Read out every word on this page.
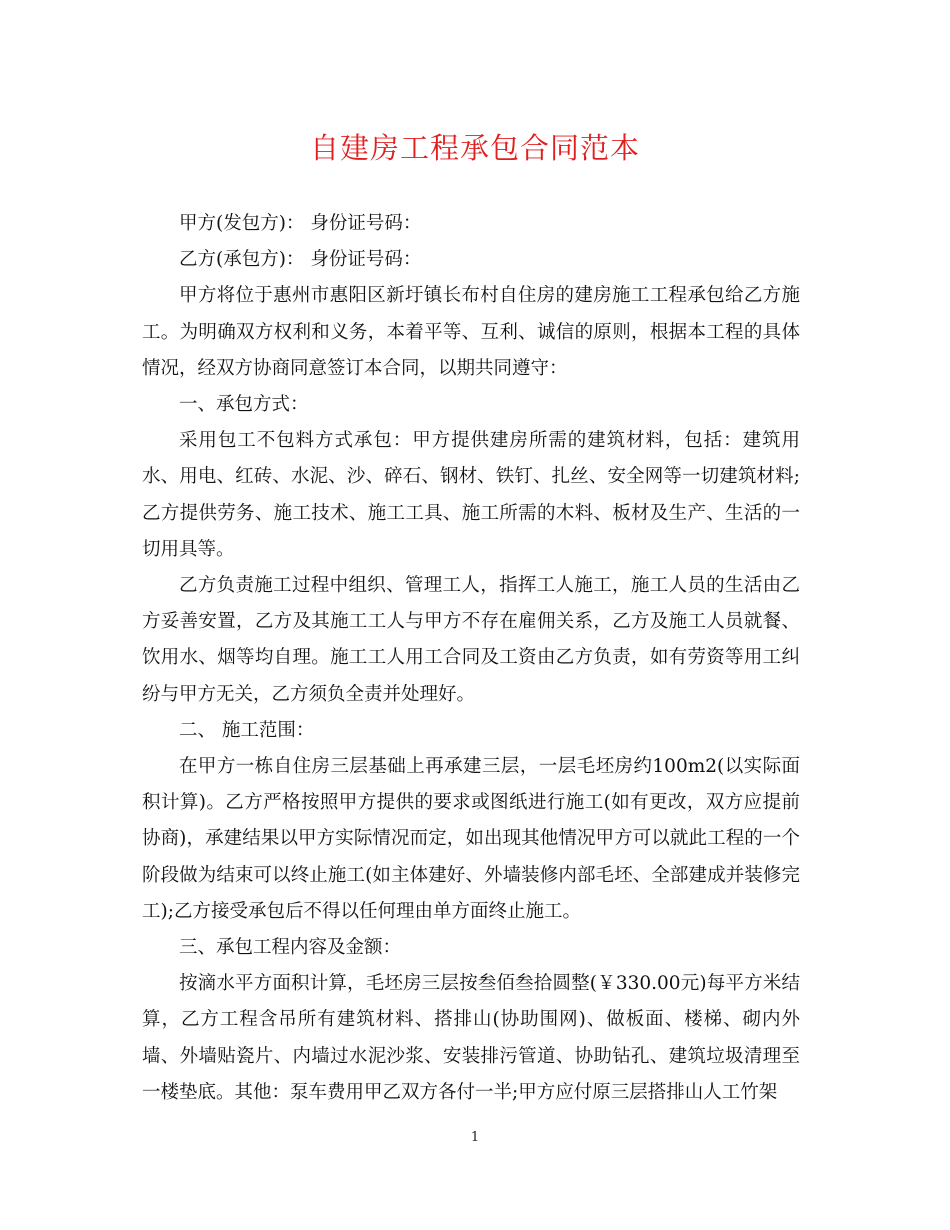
自建房工程承包合同范本

甲方(发包方)： 身份证号码：

乙方(承包方)： 身份证号码：

甲方将位于惠州市惠阳区新圩镇长布村自住房的建房施工工程承包给乙方施工。为明确双方权利和义务，本着平等、互利、诚信的原则，根据本工程的具体情况，经双方协商同意签订本合同，以期共同遵守：

一、承包方式：

采用包工不包料方式承包：甲方提供建房所需的建筑材料，包括：建筑用水、用电、红砖、水泥、沙、碎石、钢材、铁钉、扎丝、安全网等一切建筑材料;乙方提供劳务、施工技术、施工工具、施工所需的木料、板材及生产、生活的一切用具等。

乙方负责施工过程中组织、管理工人，指挥工人施工，施工人员的生活由乙方妥善安置，乙方及其施工工人与甲方不存在雇佣关系，乙方及施工人员就餐、饮用水、烟等均自理。施工工人用工合同及工资由乙方负责，如有劳资等用工纠纷与甲方无关，乙方须负全责并处理好。

二、 施工范围：

在甲方一栋自住房三层基础上再承建三层，一层毛坯房约100m2(以实际面积计算)。乙方严格按照甲方提供的要求或图纸进行施工(如有更改，双方应提前协商)，承建结果以甲方实际情况而定，如出现其他情况甲方可以就此工程的一个阶段做为结束可以终止施工(如主体建好、外墙装修内部毛坯、全部建成并装修完工);乙方接受承包后不得以任何理由单方面终止施工。

三、承包工程内容及金额：

按滴水平方面积计算，毛坯房三层按叁佰叁拾圆整(￥330.00元)每平方米结算，乙方工程含吊所有建筑材料、搭排山(协助围网)、做板面、楼梯、砌内外墙、外墙贴瓷片、内墙过水泥沙浆、安装排污管道、协助钻孔、建筑垃圾清理至一楼垫底。其他：泵车费用甲乙双方各付一半;甲方应付原三层搭排山人工竹架

1
